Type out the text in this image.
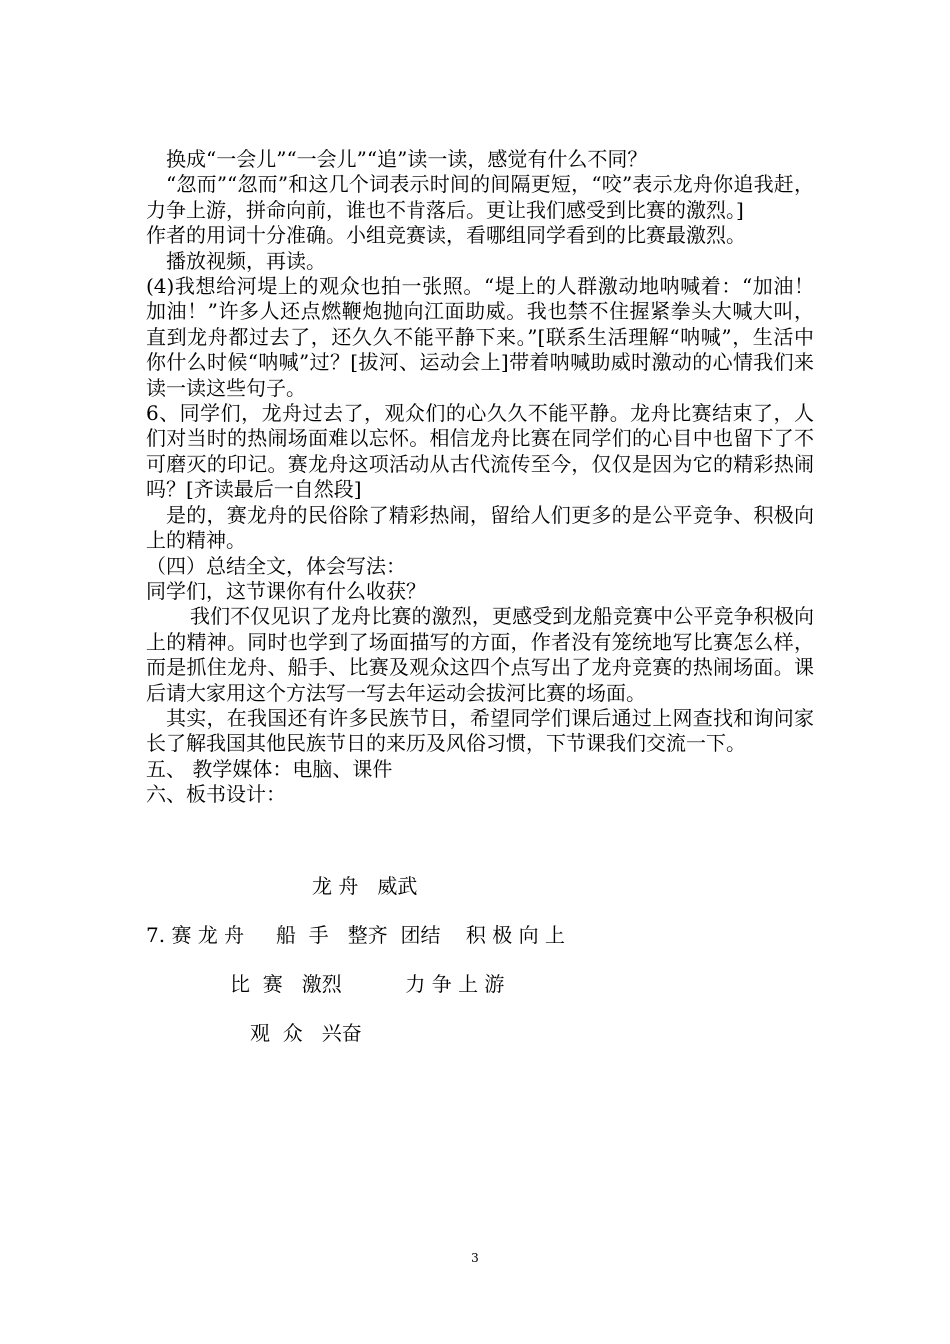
换成“一会儿”“一会儿”“追”读一读，感觉有什么不同？

“忽而”“忽而”和这几个词表示时间的间隔更短，“咬”表示龙舟你追我赶，力争上游，拼命向前，谁也不肯落后。更让我们感受到比赛的激烈。]

作者的用词十分准确。小组竞赛读，看哪组同学看到的比赛最激烈。

播放视频，再读。

(4)我想给河堤上的观众也拍一张照。“堤上的人群激动地呐喊着：“加油！加油！”许多人还点燃鞭炮抛向江面助威。我也禁不住握紧拳头大喊大叫，直到龙舟都过去了，还久久不能平静下来。”[联系生活理解“呐喊”，生活中你什么时候“呐喊”过？[拔河、运动会上]带着呐喊助威时激动的心情我们来读一读这些句子。

6、同学们，龙舟过去了，观众们的心久久不能平静。龙舟比赛结束了，人们对当时的热闹场面难以忘怀。相信龙舟比赛在同学们的心目中也留下了不可磨灭的印记。赛龙舟这项活动从古代流传至今，仅仅是因为它的精彩热闹吗？[齐读最后一自然段]

是的，赛龙舟的民俗除了精彩热闹，留给人们更多的是公平竞争、积极向上的精神。

（四）总结全文，体会写法：

同学们，这节课你有什么收获？

我们不仅见识了龙舟比赛的激烈，更感受到龙船竞赛中公平竞争积极向上的精神。同时也学到了场面描写的方面，作者没有笼统地写比赛怎么样，而是抓住龙舟、船手、比赛及观众这四个点写出了龙舟竞赛的热闹场面。课后请大家用这个方法写一写去年运动会拔河比赛的场面。

其实，在我国还有许多民族节日，希望同学们课后通过上网查找和询问家长了解我国其他民族节日的来历及风俗习惯，下节课我们交流一下。

五、 教学媒体：电脑、课件

六、板书设计：

龙 舟   威武
7. 赛 龙 舟     船  手   整齐  团结    积 极 向 上
比  赛   激烈          力 争 上 游
观  众   兴奋
3
